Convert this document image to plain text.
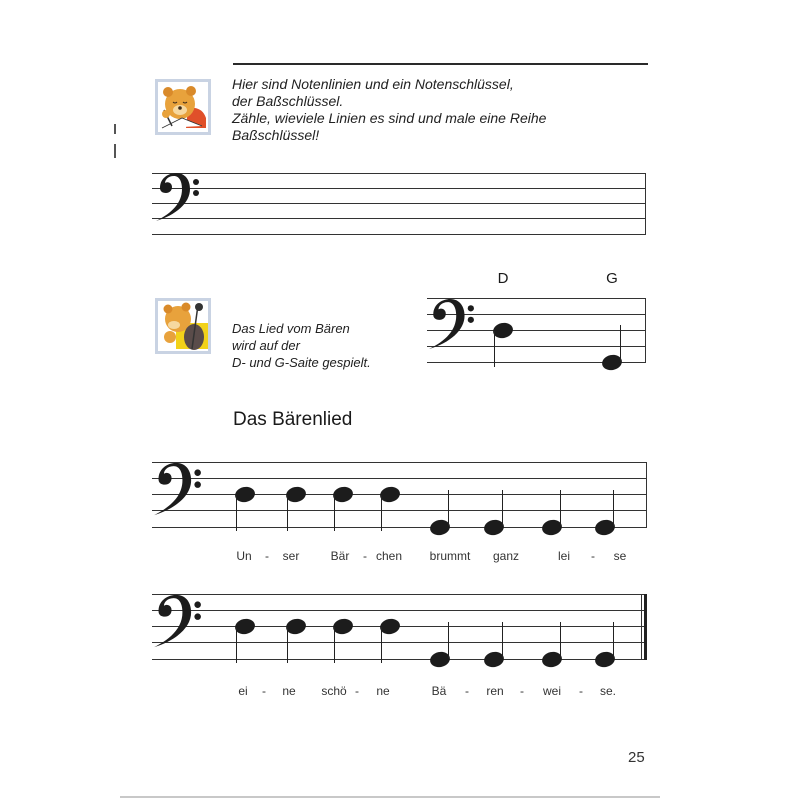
Hier sind Notenlinien und ein Notenschlüssel,
der Baßschlüssel.
Zähle, wieviele Linien es sind und male eine Reihe
Baßschlüssel!
Das Lied vom Bären
wird auf der
D- und G-Saite gespielt.
D	G
Das Bärenlied
Un - ser	Bär - chen brummt ganz	lei - se
ei - ne schö - ne	Bä - ren - wei - se.
25
